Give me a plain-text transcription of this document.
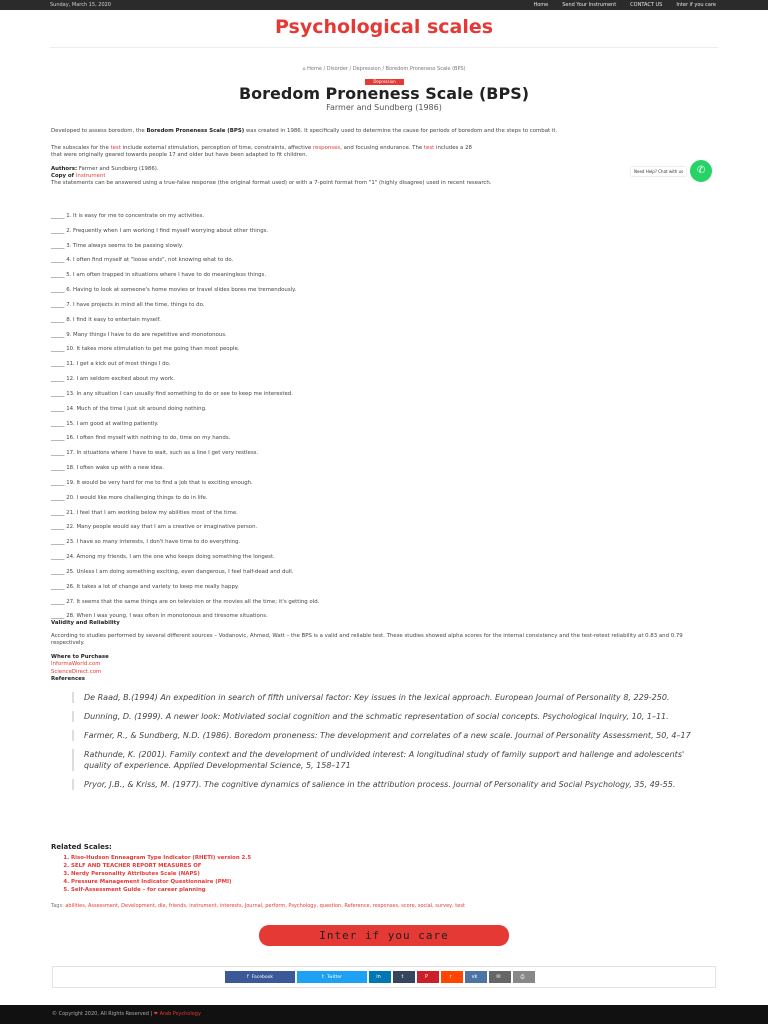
Sunday, March 15, 2020	Home	Send Your Instrument	CONTACT US	Inter if you care
Psychological scales
⌂ Home / Disorder / Depression / Boredom Proneness Scale (BPS)
Depression
Boredom Proneness Scale (BPS)
Farmer and Sundberg (1986)

Developed to assess boredom, the Boredom Proneness Scale (BPS) was created in 1986. It specifically used to determine the cause for periods of boredom and the steps to combat it.

The subscales for the test include external stimulation, perception of time, constraints, affective responses, and focusing endurance. The test includes a 28
that were originally geared towards people 17 and older but have been adapted to fit children.

Authors: Farmer and Sundberg (1986).

Copy of Instrument

The statements can be answered using a true-false response (the original format used) or with a 7-point format from "1" (highly disagree) used in recent research.

_____ 1. It is easy for me to concentrate on my activities.
_____ 2. Frequently when I am working I find myself worrying about other things.
_____ 3. Time always seems to be passing slowly.
_____ 4. I often find myself at "loose ends", not knowing what to do.
_____ 5. I am often trapped in situations where I have to do meaningless things.
_____ 6. Having to look at someone's home movies or travel slides bores me tremendously.
_____ 7. I have projects in mind all the time, things to do.
_____ 8. I find it easy to entertain myself.
_____ 9. Many things I have to do are repetitive and monotonous.
_____ 10. It takes more stimulation to get me going than most people.
_____ 11. I get a kick out of most things I do.
_____ 12. I am seldom excited about my work.
_____ 13. In any situation I can usually find something to do or see to keep me interested.
_____ 14. Much of the time I just sit around doing nothing.
_____ 15. I am good at waiting patiently.
_____ 16. I often find myself with nothing to do, time on my hands.
_____ 17. In situations where I have to wait, such as a line I get very restless.
_____ 18. I often wake up with a new idea.
_____ 19. It would be very hard for me to find a job that is exciting enough.
_____ 20. I would like more challenging things to do in life.
_____ 21. I feel that I am working below my abilities most of the time.
_____ 22. Many people would say that I am a creative or imaginative person.
_____ 23. I have so many interests, I don't have time to do everything.
_____ 24. Among my friends, I am the one who keeps doing something the longest.
_____ 25. Unless I am doing something exciting, even dangerous, I feel half-dead and dull.
_____ 26. It takes a lot of change and variety to keep me really happy.
_____ 27. It seems that the same things are on television or the movies all the time; it's getting old.
_____ 28. When I was young, I was often in monotonous and tiresome situations.
Validity and Reliability
According to studies performed by several different sources – Vodanovic, Ahmed, Watt – the BPS is a valid and reliable test. These studies showed alpha scores for the internal consistency and the test-retest reliability at 0.83 and 0.79 respectively.
Where to Purchase
InformaWorld.com
ScienceDirect.com
References
De Raad, B.(1994) An expedition in search of fifth universal factor: Key issues in the lexical approach. European Journal of Personality 8, 229-250.
Dunning, D. (1999). A newer look: Motiviated social cognition and the schmatic representation of social concepts. Psychological Inquiry, 10, 1–11.
Farmer, R., & Sundberg, N.D. (1986). Boredom proneness: The development and correlates of a new scale. Journal of Personality Assessment, 50, 4–17
Rathunde, K. (2001). Family context and the development of undivided interest: A longitudinal study of family support and hallenge and adolescents' quality of experience. Applied Developmental Science, 5, 158–171
Pryor, J.B., & Kriss, M. (1977). The cognitive dynamics of salience in the attribution process. Journal of Personality and Social Psychology, 35, 49-55.
Related Scales:
1. Riso-Hudson Enneagram Type Indicator (RHETI) version 2.5
2. SELF AND TEACHER REPORT MEASURES OF
3. Nerdy Personality Attributes Scale (NAPS)
4. Pressure Management Indicator Questionnaire (PMI)
5. Self-Assessment Guide – for career planning
Tags: abilities, Assessment, Development, die, friends, instrument, interests, Journal, perform, Psychology, question, Reference, responses, score, social, survey, test
Inter if you care
f Facebook	t Twitter	in	t	P	r	vk	✉	⎙
Need Help? Chat with us	✆
© Copyright 2020, All Rights Reserved | ❤ Arab Psychology
